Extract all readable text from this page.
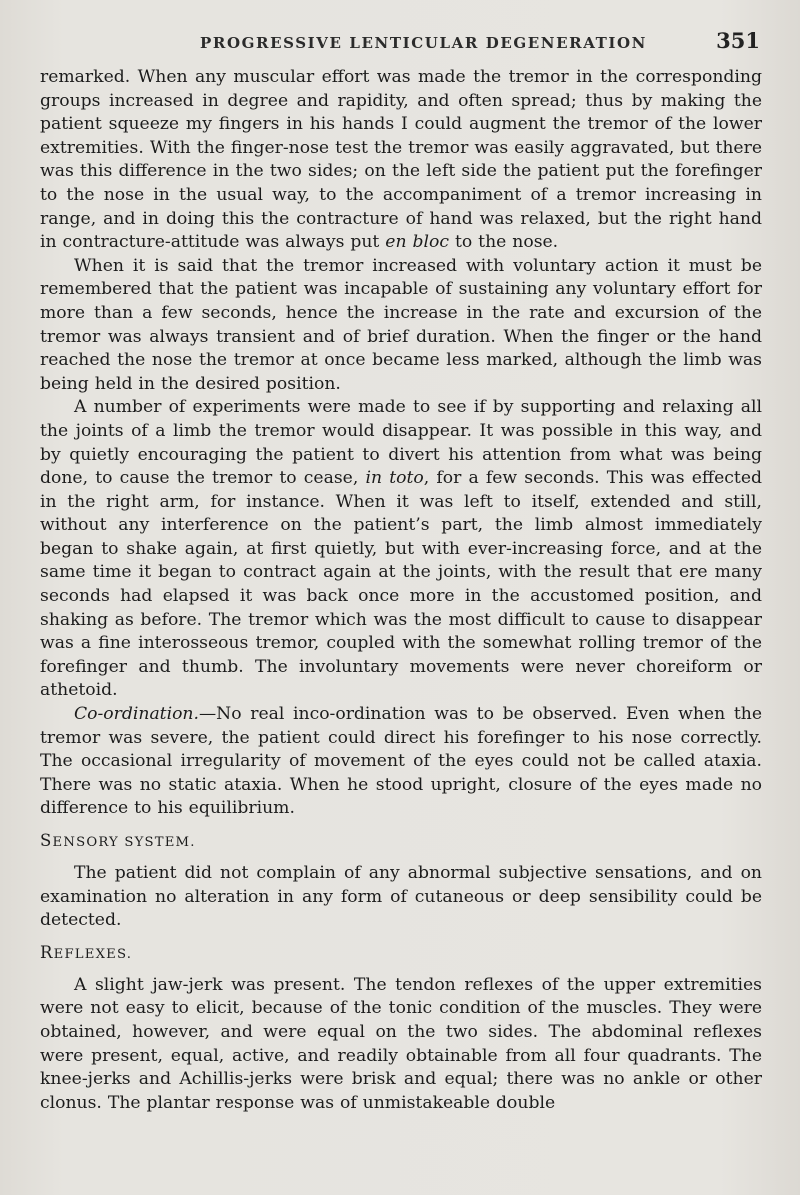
PROGRESSIVE LENTICULAR DEGENERATION	351

remarked. When any muscular effort was made the tremor in the corresponding groups increased in degree and rapidity, and often spread; thus by making the patient squeeze my fingers in his hands I could augment the tremor of the lower extremities. With the finger-nose test the tremor was easily aggravated, but there was this difference in the two sides; on the left side the patient put the forefinger to the nose in the usual way, to the accompaniment of a tremor increasing in range, and in doing this the contracture of hand was relaxed, but the right hand in contracture-attitude was always put en bloc to the nose.

When it is said that the tremor increased with voluntary action it must be remembered that the patient was incapable of sustaining any voluntary effort for more than a few seconds, hence the increase in the rate and excursion of the tremor was always transient and of brief duration. When the finger or the hand reached the nose the tremor at once became less marked, although the limb was being held in the desired position.

A number of experiments were made to see if by supporting and relaxing all the joints of a limb the tremor would disappear. It was possible in this way, and by quietly encouraging the patient to divert his attention from what was being done, to cause the tremor to cease, in toto, for a few seconds. This was effected in the right arm, for instance. When it was left to itself, extended and still, without any interference on the patient’s part, the limb almost immediately began to shake again, at first quietly, but with ever-increasing force, and at the same time it began to contract again at the joints, with the result that ere many seconds had elapsed it was back once more in the accustomed position, and shaking as before. The tremor which was the most difficult to cause to disappear was a fine interosseous tremor, coupled with the somewhat rolling tremor of the forefinger and thumb. The involuntary movements were never choreiform or athetoid.

Co-ordination.—No real inco-ordination was to be observed. Even when the tremor was severe, the patient could direct his forefinger to his nose correctly. The occasional irregularity of movement of the eyes could not be called ataxia. There was no static ataxia. When he stood upright, closure of the eyes made no difference to his equilibrium.

SENSORY SYSTEM.

The patient did not complain of any abnormal subjective sensations, and on examination no alteration in any form of cutaneous or deep sensibility could be detected.

REFLEXES.

A slight jaw-jerk was present. The tendon reflexes of the upper extremities were not easy to elicit, because of the tonic condition of the muscles. They were obtained, however, and were equal on the two sides. The abdominal reflexes were present, equal, active, and readily obtainable from all four quadrants. The knee-jerks and Achillis-jerks were brisk and equal; there was no ankle or other clonus. The plantar response was of unmistakeable double
